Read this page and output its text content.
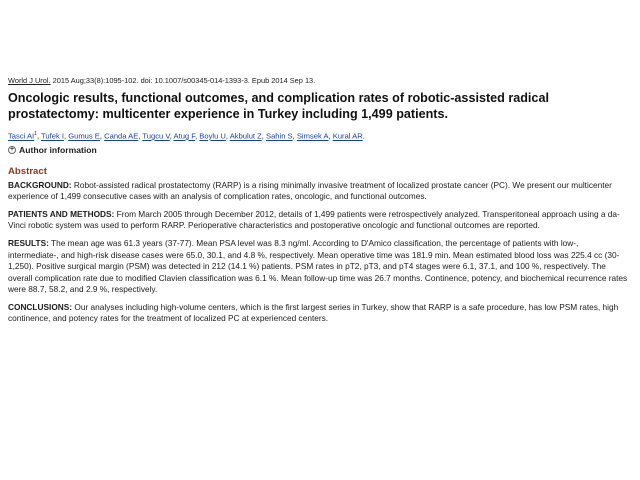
World J Urol. 2015 Aug;33(8):1095-102. doi: 10.1007/s00345-014-1393-3. Epub 2014 Sep 13.
Oncologic results, functional outcomes, and complication rates of robotic-assisted radical prostatectomy: multicenter experience in Turkey including 1,499 patients.
Tasci $AI^1$, Tufek I, Gumus E, Canda AE, Tugcu V, Atug F, Boylu U, Akbulut Z, Sahin S, Simsek A, Kural AR.
+ Author information
Abstract

BACKGROUND: Robot-assisted radical prostatectomy (RARP) is a rising minimally invasive treatment of localized prostate cancer (PC). We present our multicenter experience of 1,499 consecutive cases with an analysis of complication rates, oncologic, and functional outcomes.

PATIENTS AND METHODS: From March 2005 through December 2012, details of 1,499 patients were retrospectively analyzed. Transperitoneal approach using a da-Vinci robotic system was used to perform RARP. Perioperative characteristics and postoperative oncologic and functional outcomes are reported.

RESULTS: The mean age was 61.3 years (37-77). Mean PSA level was 8.3 ng/ml. According to D'Amico classification, the percentage of patients with low-, intermediate-, and high-risk disease cases were 65.0, 30.1, and 4.8 %, respectively. Mean operative time was 181.9 min. Mean estimated blood loss was 225.4 cc (30-1,250). Positive surgical margin (PSM) was detected in 212 (14.1 %) patients. PSM rates in pT2, pT3, and pT4 stages were 6.1, 37.1, and 100 %, respectively. The overall complication rate due to modified Clavien classification was 6.1 %. Mean follow-up time was 26.7 months. Continence, potency, and biochemical recurrence rates were 88.7, 58.2, and 2.9 %, respectively.

CONCLUSIONS: Our analyses including high-volume centers, which is the first largest series in Turkey, show that RARP is a safe procedure, has low PSM rates, high continence, and potency rates for the treatment of localized PC at experienced centers.
